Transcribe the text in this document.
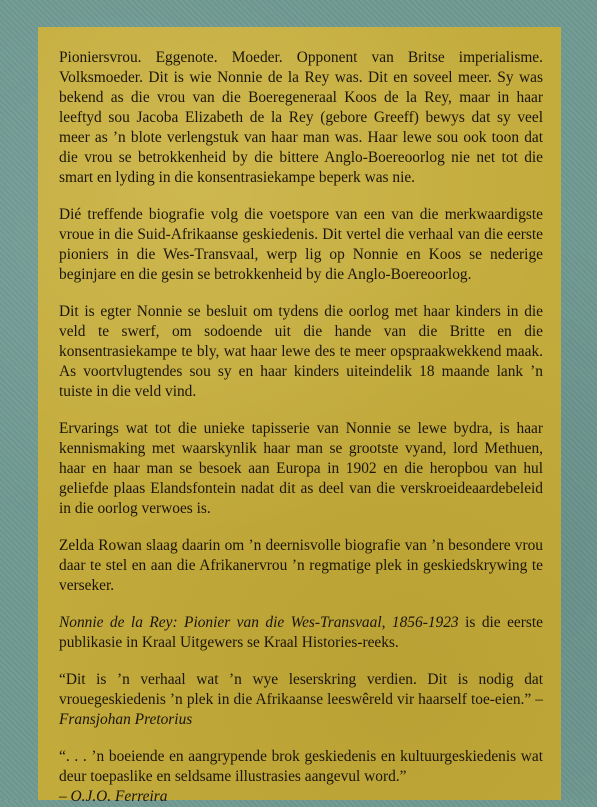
Pioniersvrou. Eggenote. Moeder. Opponent van Britse imperialisme. Volksmoeder. Dit is wie Nonnie de la Rey was. Dit en soveel meer. Sy was bekend as die vrou van die Boeregeneraal Koos de la Rey, maar in haar leeftyd sou Jacoba Elizabeth de la Rey (gebore Greeff) bewys dat sy veel meer as ’n blote verlengstuk van haar man was. Haar lewe sou ook toon dat die vrou se betrokkenheid by die bittere Anglo-Boereoorlog nie net tot die smart en lyding in die konsentrasiekampe beperk was nie.

Dié treffende biografie volg die voetspore van een van die merkwaardigste vroue in die Suid-Afrikaanse geskiedenis. Dit vertel die verhaal van die eerste pioniers in die Wes-Transvaal, werp lig op Nonnie en Koos se nederige beginjare en die gesin se betrokkenheid by die Anglo-Boereoorlog.

Dit is egter Nonnie se besluit om tydens die oorlog met haar kinders in die veld te swerf, om sodoende uit die hande van die Britte en die konsentrasiekampe te bly, wat haar lewe des te meer opspraakwekkend maak. As voortvlugtendes sou sy en haar kinders uiteindelik 18 maande lank ’n tuiste in die veld vind.

Ervarings wat tot die unieke tapisserie van Nonnie se lewe bydra, is haar kennismaking met waarskynlik haar man se grootste vyand, lord Methuen, haar en haar man se besoek aan Europa in 1902 en die heropbou van hul geliefde plaas Elandsfontein nadat dit as deel van die verskroeideaardebeleid in die oorlog verwoes is.

Zelda Rowan slaag daarin om ’n deernisvolle biografie van ’n besondere vrou daar te stel en aan die Afrikanervrou ’n regmatige plek in geskiedskrywing te verseker.

Nonnie de la Rey: Pionier van die Wes-Transvaal, 1856-1923 is die eerste publikasie in Kraal Uitgewers se Kraal Histories-reeks.

“Dit is ’n verhaal wat ’n wye leserskring verdien. Dit is nodig dat vrouegeskiedenis ’n plek in die Afrikaanse leeswêreld vir haarself toe-eien.” – Fransjohan Pretorius

“. . . ’n boeiende en aangrypende brok geskiedenis en kultuurgeskiedenis wat deur toepaslike en seldsame illustrasies aangevul word.”
– O.J.O. Ferreira
